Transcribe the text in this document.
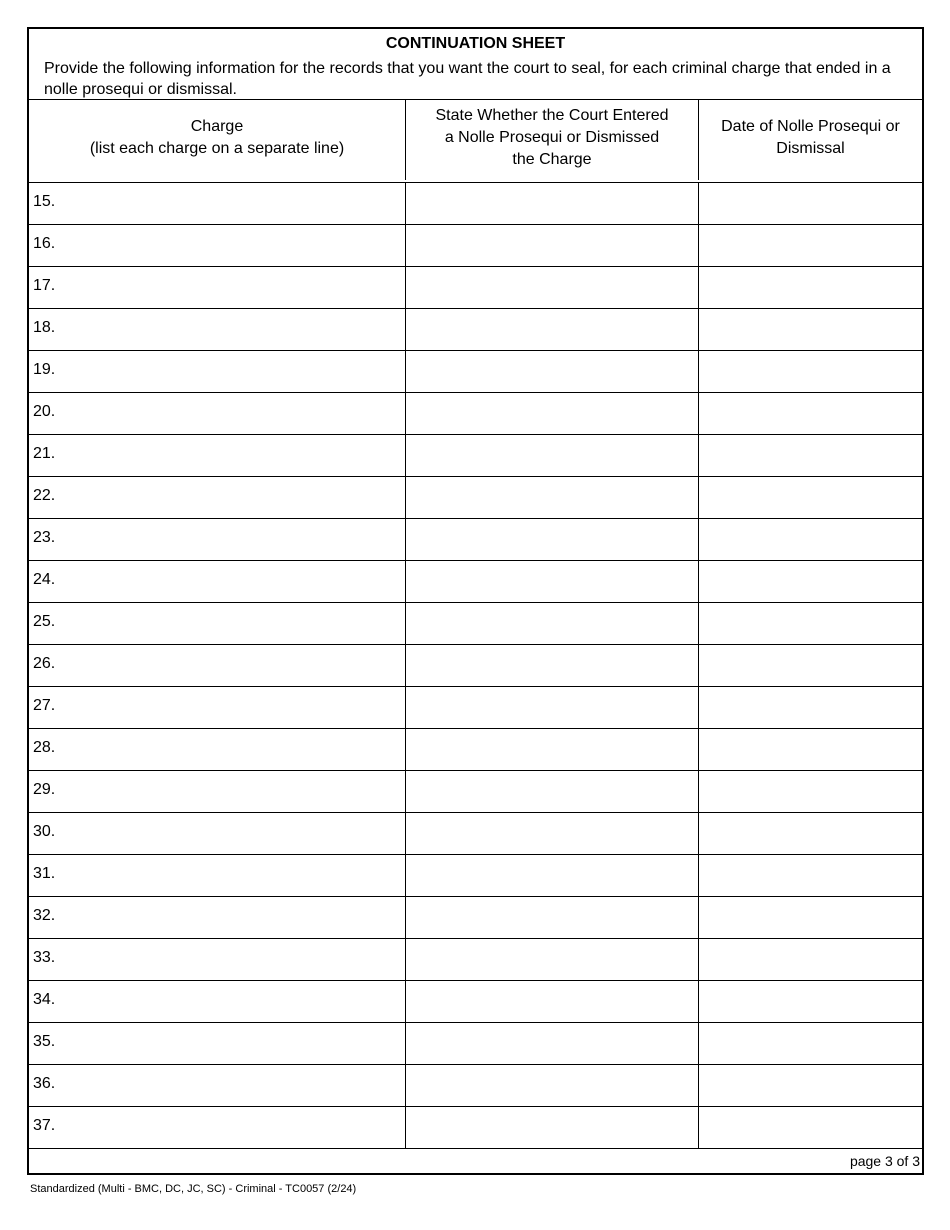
CONTINUATION SHEET
Provide the following information for the records that you want the court to seal, for each criminal charge that ended in a nolle prosequi or dismissal.
Charge
(list each charge on a separate line)
State Whether the Court Entered
a Nolle Prosequi or Dismissed
the Charge
Date of Nolle Prosequi or
Dismissal
15.
16.
17.
18.
19.
20.
21.
22.
23.
24.
25.
26.
27.
28.
29.
30.
31.
32.
33.
34.
35.
36.
37.
page 3 of 3
Standardized (Multi - BMC, DC, JC, SC) - Criminal - TC0057 (2/24)
